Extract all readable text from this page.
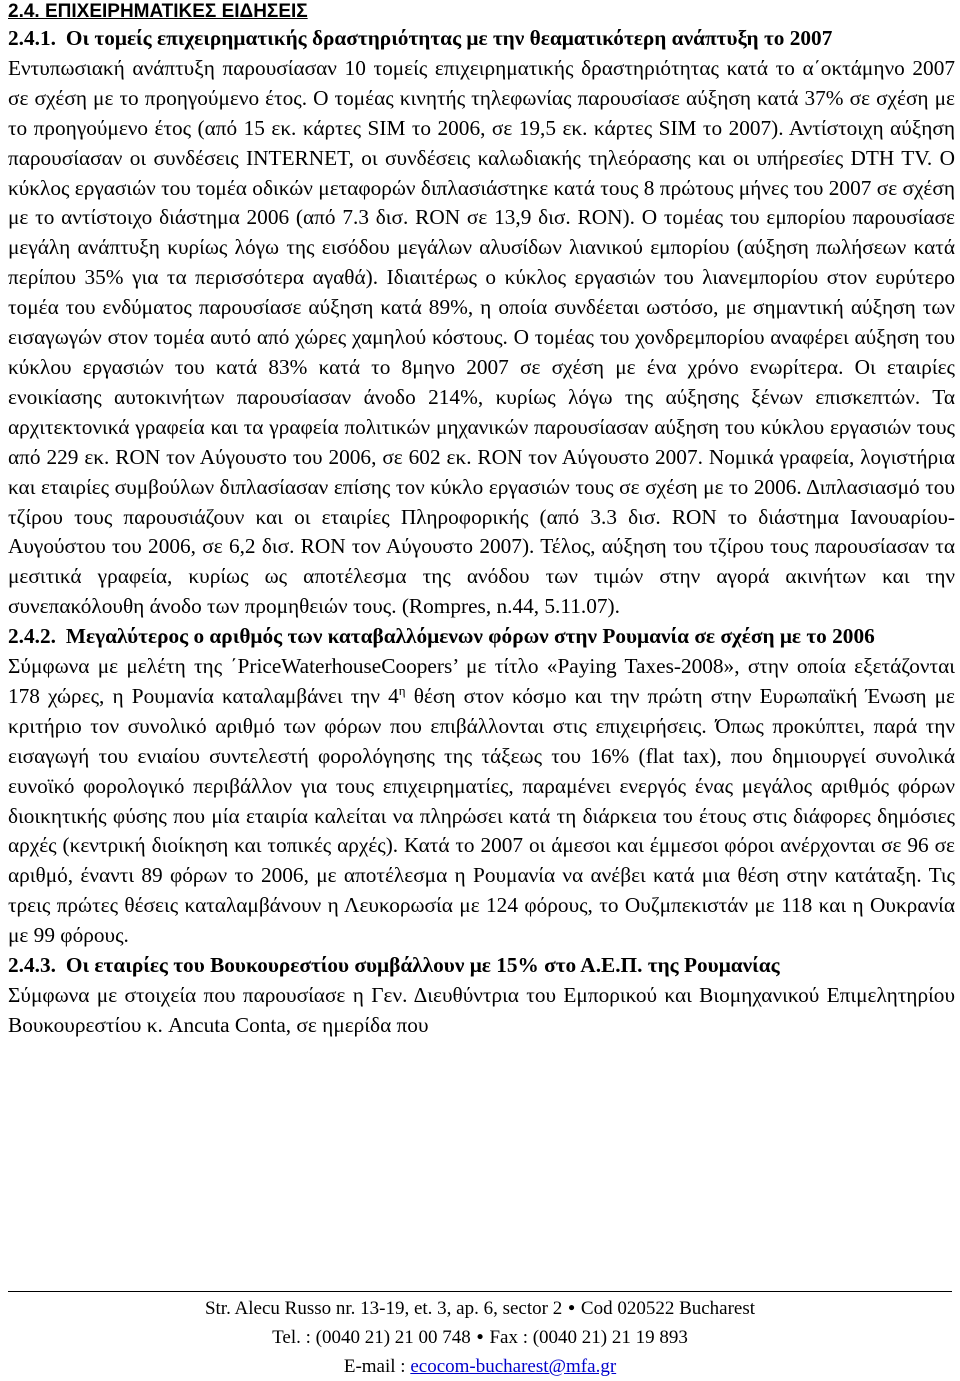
2.4. ΕΠΙΧΕΙΡΗΜΑΤΙΚΕΣ ΕΙΔΗΣΕΙΣ
2.4.1. Οι τομείς επιχειρηματικής δραστηριότητας με την θεαματικότερη ανάπτυξη το 2007

Εντυπωσιακή ανάπτυξη παρουσίασαν 10 τομείς επιχειρηματικής δραστηριότητας κατά το α΄οκτάμηνο 2007 σε σχέση με το προηγούμενο έτος. Ο τομέας κινητής τηλεφωνίας παρουσίασε αύξηση κατά 37% σε σχέση με το προηγούμενο έτος (από 15 εκ. κάρτες SIM το 2006, σε 19,5 εκ. κάρτες SIM το 2007). Αντίστοιχη αύξηση παρουσίασαν οι συνδέσεις INTERNET, οι συνδέσεις καλωδιακής τηλεόρασης και οι υπήρεσίες DTH TV. Ο κύκλος εργασιών του τομέα οδικών μεταφορών διπλασιάστηκε κατά τους 8 πρώτους μήνες του 2007 σε σχέση με το αντίστοιχο διάστημα 2006 (από 7.3 δισ. RON σε 13,9 δισ. RON). Ο τομέας του εμπορίου παρουσίασε μεγάλη ανάπτυξη κυρίως λόγω της εισόδου μεγάλων αλυσίδων λιανικού εμπορίου (αύξηση πωλήσεων κατά περίπου 35% για τα περισσότερα αγαθά). Ιδιαιτέρως ο κύκλος εργασιών του λιανεμπορίου στον ευρύτερο τομέα του ενδύματος παρουσίασε αύξηση κατά 89%, η οποία συνδέεται ωστόσο, με σημαντική αύξηση των εισαγωγών στον τομέα αυτό από χώρες χαμηλού κόστους. Ο τομέας του χονδρεμπορίου αναφέρει αύξηση του κύκλου εργασιών του κατά 83% κατά το 8μηνο 2007 σε σχέση με ένα χρόνο ενωρίτερα. Οι εταιρίες ενοικίασης αυτοκινήτων παρουσίασαν άνοδο 214%, κυρίως λόγω της αύξησης ξένων επισκεπτών. Τα αρχιτεκτονικά γραφεία και τα γραφεία πολιτικών μηχανικών παρουσίασαν αύξηση του κύκλου εργασιών τους από 229 εκ. RON τον Αύγουστο του 2006, σε 602 εκ. RON τον Αύγουστο 2007. Νομικά γραφεία, λογιστήρια και εταιρίες συμβούλων διπλασίασαν επίσης τον κύκλο εργασιών τους σε σχέση με το 2006. Διπλασιασμό του τζίρου τους παρουσιάζουν και οι εταιρίες Πληροφορικής (από 3.3 δισ. RON το διάστημα Ιανουαρίου- Αυγούστου του 2006, σε 6,2 δισ. RON τον Αύγουστο 2007). Τέλος, αύξηση του τζίρου τους παρουσίασαν τα μεσιτικά γραφεία, κυρίως ως αποτέλεσμα της ανόδου των τιμών στην αγορά ακινήτων και την συνεπακόλουθη άνοδο των προμηθειών τους. (Rompres, n.44, 5.11.07).

2.4.2. Μεγαλύτερος ο αριθμός των καταβαλλόμενων φόρων στην Ρουμανία σε σχέση με το 2006

Σύμφωνα με μελέτη της ΄PriceWaterhouseCoopers’ με τίτλο «Paying Taxes-2008», στην οποία εξετάζονται 178 χώρες, η Ρουμανία καταλαμβάνει την $4^\eta$ θέση στον κόσμο και την πρώτη στην Ευρωπαϊκή Ένωση με κριτήριο τον συνολικό αριθμό των φόρων που επιβάλλονται στις επιχειρήσεις. Όπως προκύπτει, παρά την εισαγωγή του ενιαίου συντελεστή φορολόγησης της τάξεως του 16% (flat tax), που δημιουργεί συνολικά ευνοϊκό φορολογικό περιβάλλον για τους επιχειρηματίες, παραμένει ενεργός ένας μεγάλος αριθμός φόρων διοικητικής φύσης που μία εταιρία καλείται να πληρώσει κατά τη διάρκεια του έτους στις διάφορες δημόσιες αρχές (κεντρική διοίκηση και τοπικές αρχές). Κατά το 2007 οι άμεσοι και έμμεσοι φόροι ανέρχονται σε 96 σε αριθμό, έναντι 89 φόρων το 2006, με αποτέλεσμα η Ρουμανία να ανέβει κατά μια θέση στην κατάταξη. Τις τρεις πρώτες θέσεις καταλαμβάνουν η Λευκορωσία με 124 φόρους, το Ουζμπεκιστάν με 118 και η Ουκρανία με 99 φόρους.

2.4.3. Οι εταιρίες του Βουκουρεστίου συμβάλλουν με 15% στο Α.Ε.Π. της Ρουμανίας

Σύμφωνα με στοιχεία που παρουσίασε η Γεν. Διευθύντρια του Εμπορικού και Βιομηχανικού Επιμελητηρίου Βουκουρεστίου κ. Ancuta Conta, σε ημερίδα που

Str. Alecu Russo nr. 13-19, et. 3, ap. 6, sector 2 • Cod 020522 Bucharest
Tel. : (0040 21) 21 00 748 • Fax : (0040 21) 21 19 893
E-mail : ecocom-bucharest@mfa.gr
